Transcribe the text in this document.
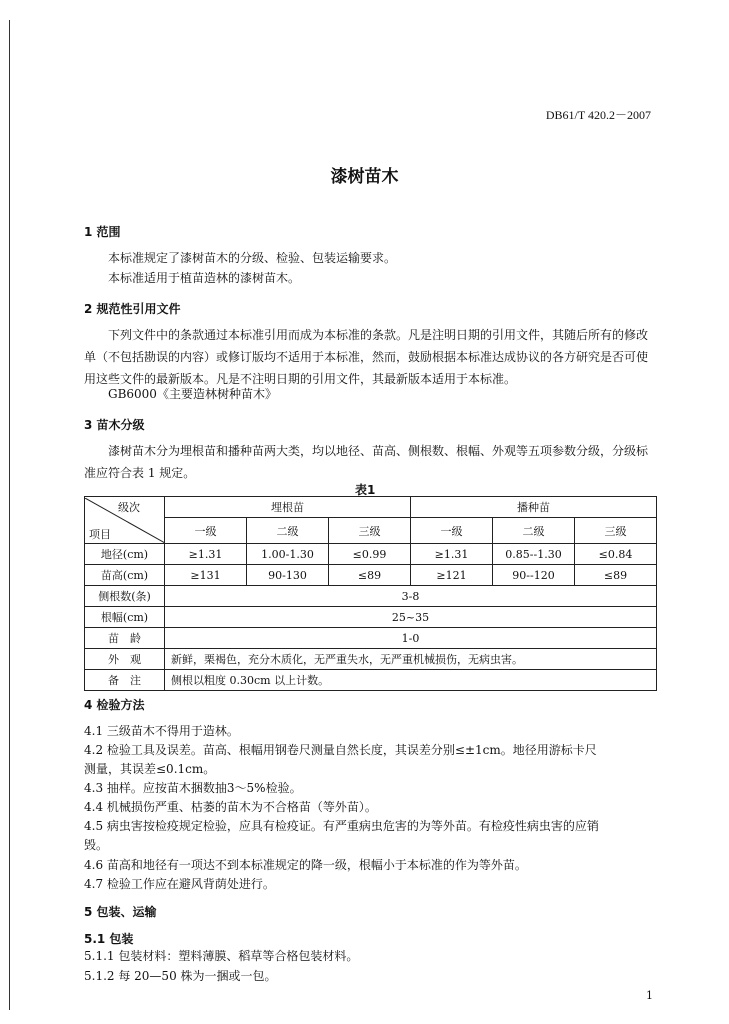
DB61/T 420.2－2007
漆树苗木
1 范围
本标准规定了漆树苗木的分级、检验、包装运输要求。
本标准适用于植苗造林的漆树苗木。
2 规范性引用文件
下列文件中的条款通过本标准引用而成为本标准的条款。凡是注明日期的引用文件，其随后所有的修改单（不包括勘误的内容）或修订版均不适用于本标准，然而，鼓励根据本标准达成协议的各方研究是否可使用这些文件的最新版本。凡是不注明日期的引用文件，其最新版本适用于本标准。
GB6000《主要造林树种苗木》
3 苗木分级
漆树苗木分为埋根苗和播种苗两大类，均以地径、苗高、侧根数、根幅、外观等五项参数分级，分级标准应符合表 1 规定。
表1
级次
项目	埋根苗			播种苗		
	一级	二级	三级	一级	二级	三级
地径(cm)	≥1.31	1.00-1.30	≤0.99	≥1.31	0.85--1.30	≤0.84
苗高(cm)	≥131	90-130	≤89	≥121	90--120	≤89
侧根数(条)	3-8					
根幅(cm)	25~35					
苗　龄	1-0					
外　观	新鲜，栗褐色，充分木质化，无严重失水，无严重机械损伤，无病虫害。					
备　注	侧根以粗度 0.30cm 以上计数。					
4 检验方法
4.1 三级苗木不得用于造林。
4.2 检验工具及误差。苗高、根幅用钢卷尺测量自然长度，其误差分别≤±1cm。地径用游标卡尺
测量，其误差≤0.1cm。
4.3 抽样。应按苗木捆数抽3～5%检验。
4.4 机械损伤严重、枯萎的苗木为不合格苗（等外苗）。
4.5 病虫害按检疫规定检验，应具有检疫证。有严重病虫危害的为等外苗。有检疫性病虫害的应销
毁。
4.6 苗高和地径有一项达不到本标准规定的降一级，根幅小于本标准的作为等外苗。
4.7 检验工作应在避风背荫处进行。
5 包装、运输
5.1 包装
5.1.1 包装材料：塑料薄膜、稻草等合格包装材料。
5.1.2 每 20—50 株为一捆或一包。
1
